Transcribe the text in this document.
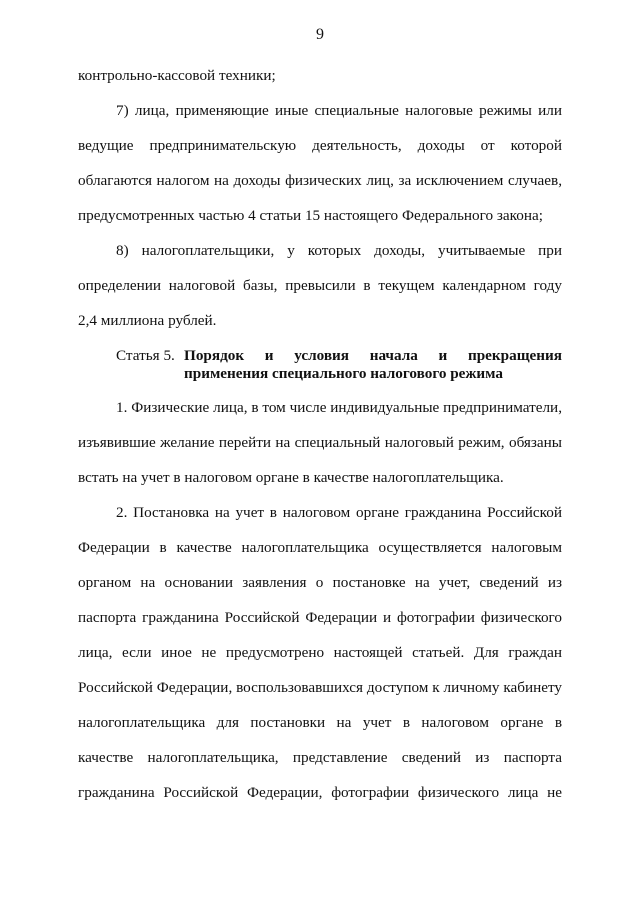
9
контрольно-кассовой техники;
7) лица, применяющие иные специальные налоговые режимы или
ведущие предпринимательскую деятельность, доходы от которой
облагаются налогом на доходы физических лиц, за исключением случаев,
предусмотренных частью 4 статьи 15 настоящего Федерального закона;
8) налогоплательщики, у которых доходы, учитываемые при
определении налоговой базы, превысили в текущем календарном году
2,4 миллиона рублей.
Статья 5. Порядок и условия начала и прекращения
применения специального налогового режима
1. Физические лица, в том числе индивидуальные предприниматели,
изъявившие желание перейти на специальный налоговый режим, обязаны
встать на учет в налоговом органе в качестве налогоплательщика.
2. Постановка на учет в налоговом органе гражданина Российской
Федерации в качестве налогоплательщика осуществляется налоговым
органом на основании заявления о постановке на учет, сведений из
паспорта гражданина Российской Федерации и фотографии физического
лица, если иное не предусмотрено настоящей статьей. Для граждан
Российской Федерации, воспользовавшихся доступом к личному кабинету
налогоплательщика для постановки на учет в налоговом органе в
качестве налогоплательщика, представление сведений из паспорта
гражданина Российской Федерации, фотографии физического лица не
